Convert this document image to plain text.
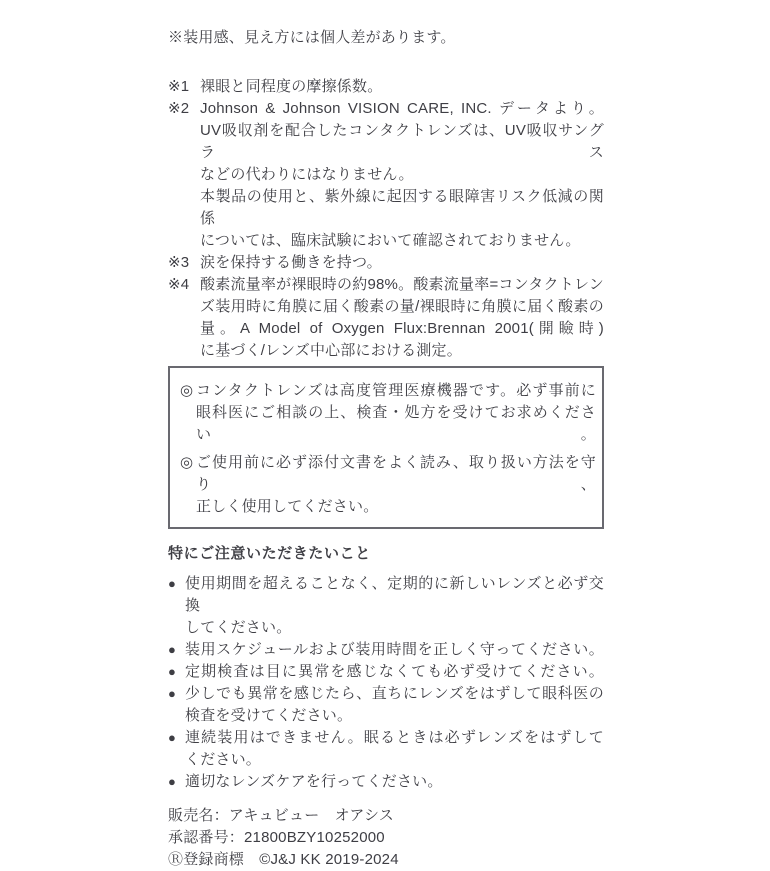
※装用感、見え方には個人差があります。
※1 裸眼と同程度の摩擦係数。
※2 Johnson & Johnson VISION CARE, INC. データより。
UV吸収剤を配合したコンタクトレンズは、UV吸収サングラス
などの代わりにはなりません。
本製品の使用と、紫外線に起因する眼障害リスク低減の関係
については、臨床試験において確認されておりません。
※3 涙を保持する働きを持つ。
※4 酸素流量率が裸眼時の約98%。酸素流量率=コンタクトレン
ズ装用時に角膜に届く酸素の量/裸眼時に角膜に届く酸素の
量。A Model of Oxygen Flux:Brennan 2001(開瞼時)
に基づく/レンズ中心部における測定。
◎ コンタクトレンズは高度管理医療機器です。必ず事前に
眼科医にご相談の上、検査・処方を受けてお求めください。
◎ ご使用前に必ず添付文書をよく読み、取り扱い方法を守り、
正しく使用してください。
特にご注意いただきたいこと
● 使用期間を超えることなく、定期的に新しいレンズと必ず交換
してください。
● 装用スケジュールおよび装用時間を正しく守ってください。
● 定期検査は目に異常を感じなくても必ず受けてください。
● 少しでも異常を感じたら、直ちにレンズをはずして眼科医の
検査を受けてください。
● 連続装用はできません。眠るときは必ずレンズをはずして
ください。
● 適切なレンズケアを行ってください。
販売名：アキュビュー　オアシス
承認番号：21800BZY10252000
Ⓡ登録商標　©J&J KK 2019-2024
